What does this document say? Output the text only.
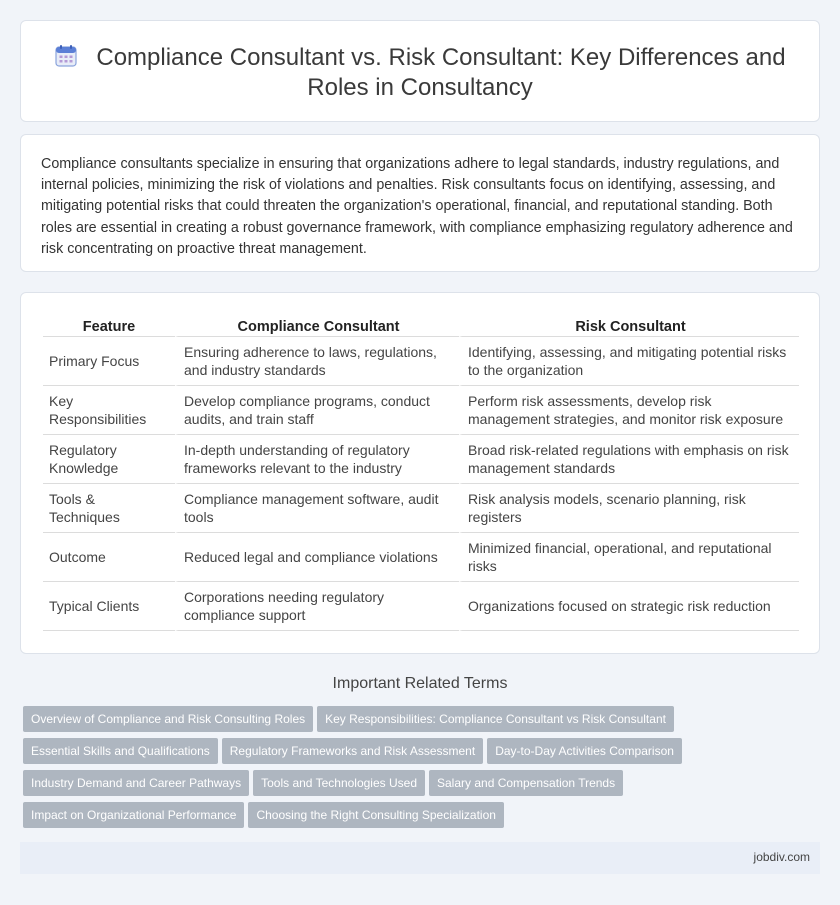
Compliance Consultant vs. Risk Consultant: Key Differences and Roles in Consultancy

Compliance consultants specialize in ensuring that organizations adhere to legal standards, industry regulations, and internal policies, minimizing the risk of violations and penalties. Risk consultants focus on identifying, assessing, and mitigating potential risks that could threaten the organization's operational, financial, and reputational standing. Both roles are essential in creating a robust governance framework, with compliance emphasizing regulatory adherence and risk concentrating on proactive threat management.

Feature	Compliance Consultant	Risk Consultant
Primary Focus	Ensuring adherence to laws, regulations, and industry standards	Identifying, assessing, and mitigating potential risks to the organization
Key Responsibilities	Develop compliance programs, conduct audits, and train staff	Perform risk assessments, develop risk management strategies, and monitor risk exposure
Regulatory Knowledge	In-depth understanding of regulatory frameworks relevant to the industry	Broad risk-related regulations with emphasis on risk management standards
Tools & Techniques	Compliance management software, audit tools	Risk analysis models, scenario planning, risk registers
Outcome	Reduced legal and compliance violations	Minimized financial, operational, and reputational risks
Typical Clients	Corporations needing regulatory compliance support	Organizations focused on strategic risk reduction
Important Related Terms
Overview of Compliance and Risk Consulting Roles Key Responsibilities: Compliance Consultant vs Risk Consultant
Essential Skills and Qualifications Regulatory Frameworks and Risk Assessment Day-to-Day Activities Comparison
Industry Demand and Career Pathways Tools and Technologies Used Salary and Compensation Trends
Impact on Organizational Performance Choosing the Right Consulting Specialization
jobdiv.com
